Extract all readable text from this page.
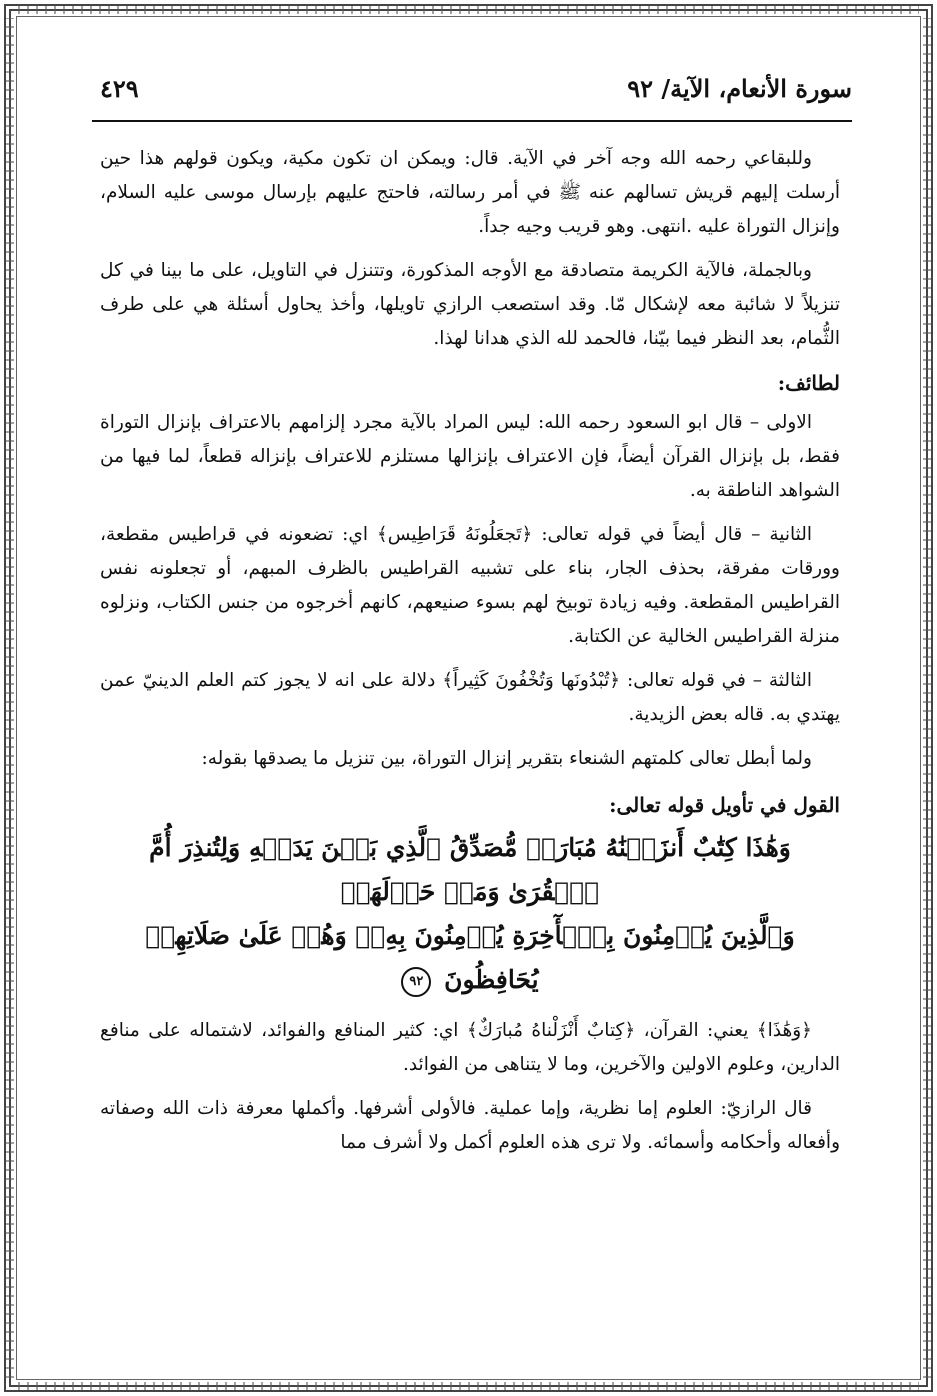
سورة الأنعام، الآية/ ٩٢
٤٢٩

وللبقاعي رحمه الله وجه آخر في الآية. قال: ويمكن ان تكون مكية، ويكون قولهم هذا حين أرسلت إليهم قريش تسالهم عنه ﷺ في أمر رسالته، فاحتج عليهم بإرسال موسى عليه السلام، وإنزال التوراة عليه .انتهى. وهو قريب وجيه جداً.

وبالجملة، فالآية الكريمة متصادقة مع الأوجه المذكورة، وتتنزل في التاويل، على ما بينا في كل تنزيلاً لا شائبة معه لإشكال مّا. وقد استصعب الرازي تاويلها، وأخذ يحاول أسئلة هي على طرف الثُّمام، بعد النظر فيما بيّنا، فالحمد لله الذي هدانا لهذا.

لطائف:

الاولى – قال ابو السعود رحمه الله: ليس المراد بالآية مجرد إلزامهم بالاعتراف بإنزال التوراة فقط، بل بإنزال القرآن أيضاً، فإن الاعتراف بإنزالها مستلزم للاعتراف بإنزاله قطعاً، لما فيها من الشواهد الناطقة به.

الثانية – قال أيضاً في قوله تعالى: ﴿تَجعَلُونَهُ قَرَاطِيس﴾ اي: تضعونه في قراطيس مقطعة، وورقات مفرقة، بحذف الجار، بناء على تشبيه القراطيس بالظرف المبهم، أو تجعلونه نفس القراطيس المقطعة. وفيه زيادة توبيخ لهم بسوء صنيعهم، كانهم أخرجوه من جنس الكتاب، ونزلوه منزلة القراطيس الخالية عن الكتابة.

الثالثة – في قوله تعالى: ﴿تُبْدُونَها وَتُخْفُونَ كَثِيراً﴾ دلالة على انه لا يجوز كتم العلم الدينيّ عمن يهتدي به. قاله بعض الزيدية.

ولما أبطل تعالى كلمتهم الشنعاء بتقرير إنزال التوراة، بين تنزيل ما يصدقها بقوله:

القول في تأويل قوله تعالى:
وَهَٰذَا كِتَٰبٌ أَنزَلۡنَٰهُ مُبَارَكٞ مُّصَدِّقُ ٱلَّذِي بَيۡنَ يَدَيۡهِ وَلِتُنذِرَ أُمَّ ٱلۡقُرَىٰ وَمَنۡ حَوۡلَهَاۚ
وَٱلَّذِينَ يُؤۡمِنُونَ بِٱلۡأٓخِرَةِ يُؤۡمِنُونَ بِهِۦۖ وَهُمۡ عَلَىٰ صَلَاتِهِمۡ يُحَافِظُونَ ٩٢

﴿وَهَٰذَا﴾ يعني: القرآن، ﴿كِتابٌ أَنْزَلْناهُ مُبارَكٌ﴾ اي: كثير المنافع والفوائد، لاشتماله على منافع الدارين، وعلوم الاولين والآخرين، وما لا يتناهى من الفوائد.

قال الرازيّ: العلوم إما نظرية، وإما عملية. فالأولى أشرفها. وأكملها معرفة ذات الله وصفاته وأفعاله وأحكامه وأسمائه. ولا ترى هذه العلوم أكمل ولا أشرف مما
